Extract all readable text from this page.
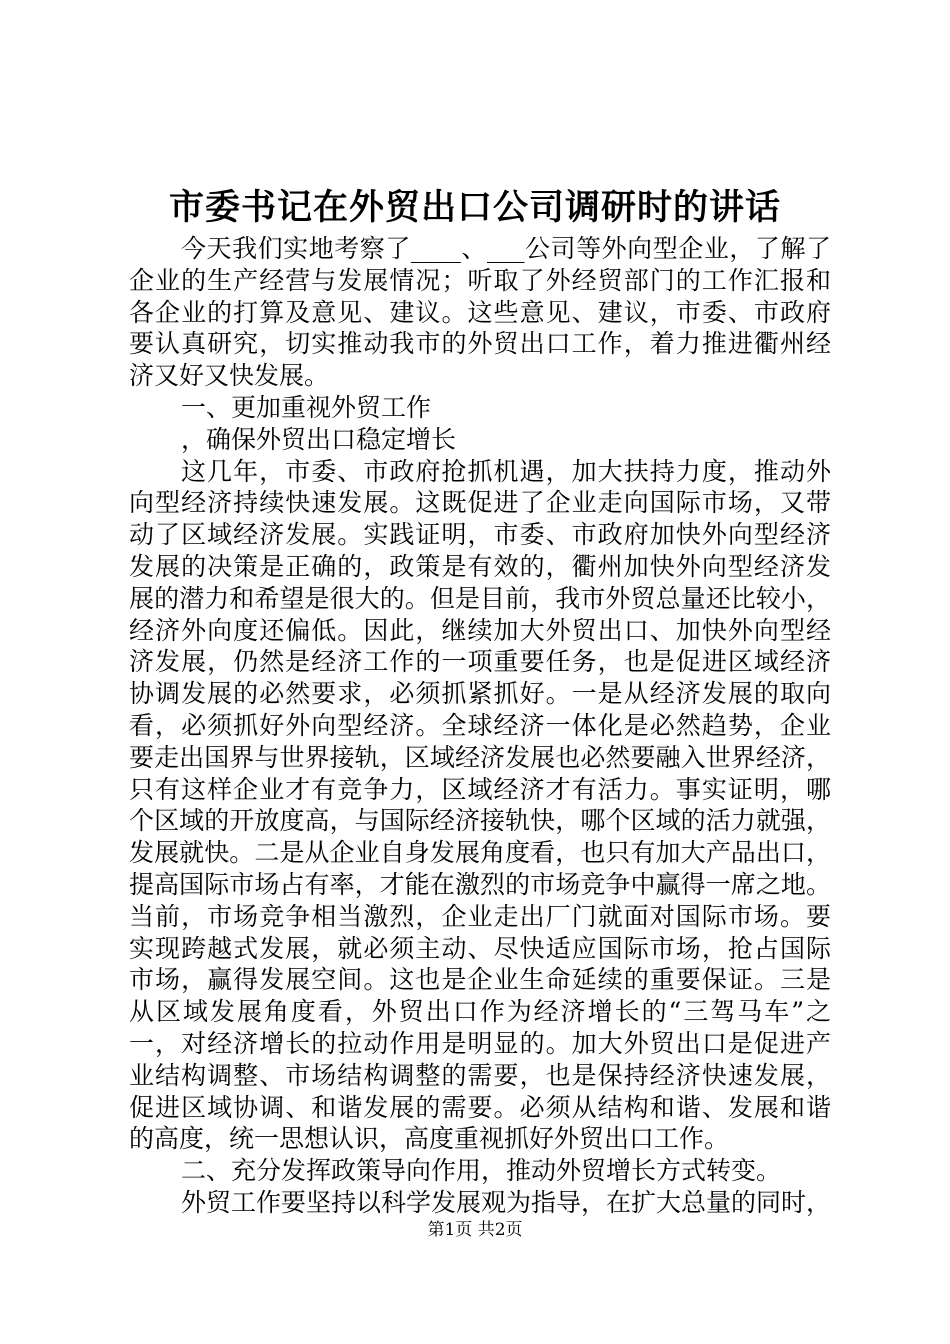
市委书记在外贸出口公司调研时的讲话
今天我们实地考察了____、___公司等外向型企业，了解了
企业的生产经营与发展情况；听取了外经贸部门的工作汇报和
各企业的打算及意见、建议。这些意见、建议，市委、市政府
要认真研究，切实推动我市的外贸出口工作，着力推进衢州经
济又好又快发展。
一、更加重视外贸工作
，确保外贸出口稳定增长
这几年，市委、市政府抢抓机遇，加大扶持力度，推动外
向型经济持续快速发展。这既促进了企业走向国际市场，又带
动了区域经济发展。实践证明，市委、市政府加快外向型经济
发展的决策是正确的，政策是有效的，衢州加快外向型经济发
展的潜力和希望是很大的。但是目前，我市外贸总量还比较小，
经济外向度还偏低。因此，继续加大外贸出口、加快外向型经
济发展，仍然是经济工作的一项重要任务，也是促进区域经济
协调发展的必然要求，必须抓紧抓好。一是从经济发展的取向
看，必须抓好外向型经济。全球经济一体化是必然趋势，企业
要走出国界与世界接轨，区域经济发展也必然要融入世界经济，
只有这样企业才有竞争力，区域经济才有活力。事实证明，哪
个区域的开放度高，与国际经济接轨快，哪个区域的活力就强，
发展就快。二是从企业自身发展角度看，也只有加大产品出口，
提高国际市场占有率，才能在激烈的市场竞争中赢得一席之地。
当前，市场竞争相当激烈，企业走出厂门就面对国际市场。要
实现跨越式发展，就必须主动、尽快适应国际市场，抢占国际
市场，赢得发展空间。这也是企业生命延续的重要保证。三是
从区域发展角度看，外贸出口作为经济增长的“三驾马车”之
一，对经济增长的拉动作用是明显的。加大外贸出口是促进产
业结构调整、市场结构调整的需要，也是保持经济快速发展，
促进区域协调、和谐发展的需要。必须从结构和谐、发展和谐
的高度，统一思想认识，高度重视抓好外贸出口工作。
二、充分发挥政策导向作用，推动外贸增长方式转变。
外贸工作要坚持以科学发展观为指导，在扩大总量的同时，
第1页 共2页
